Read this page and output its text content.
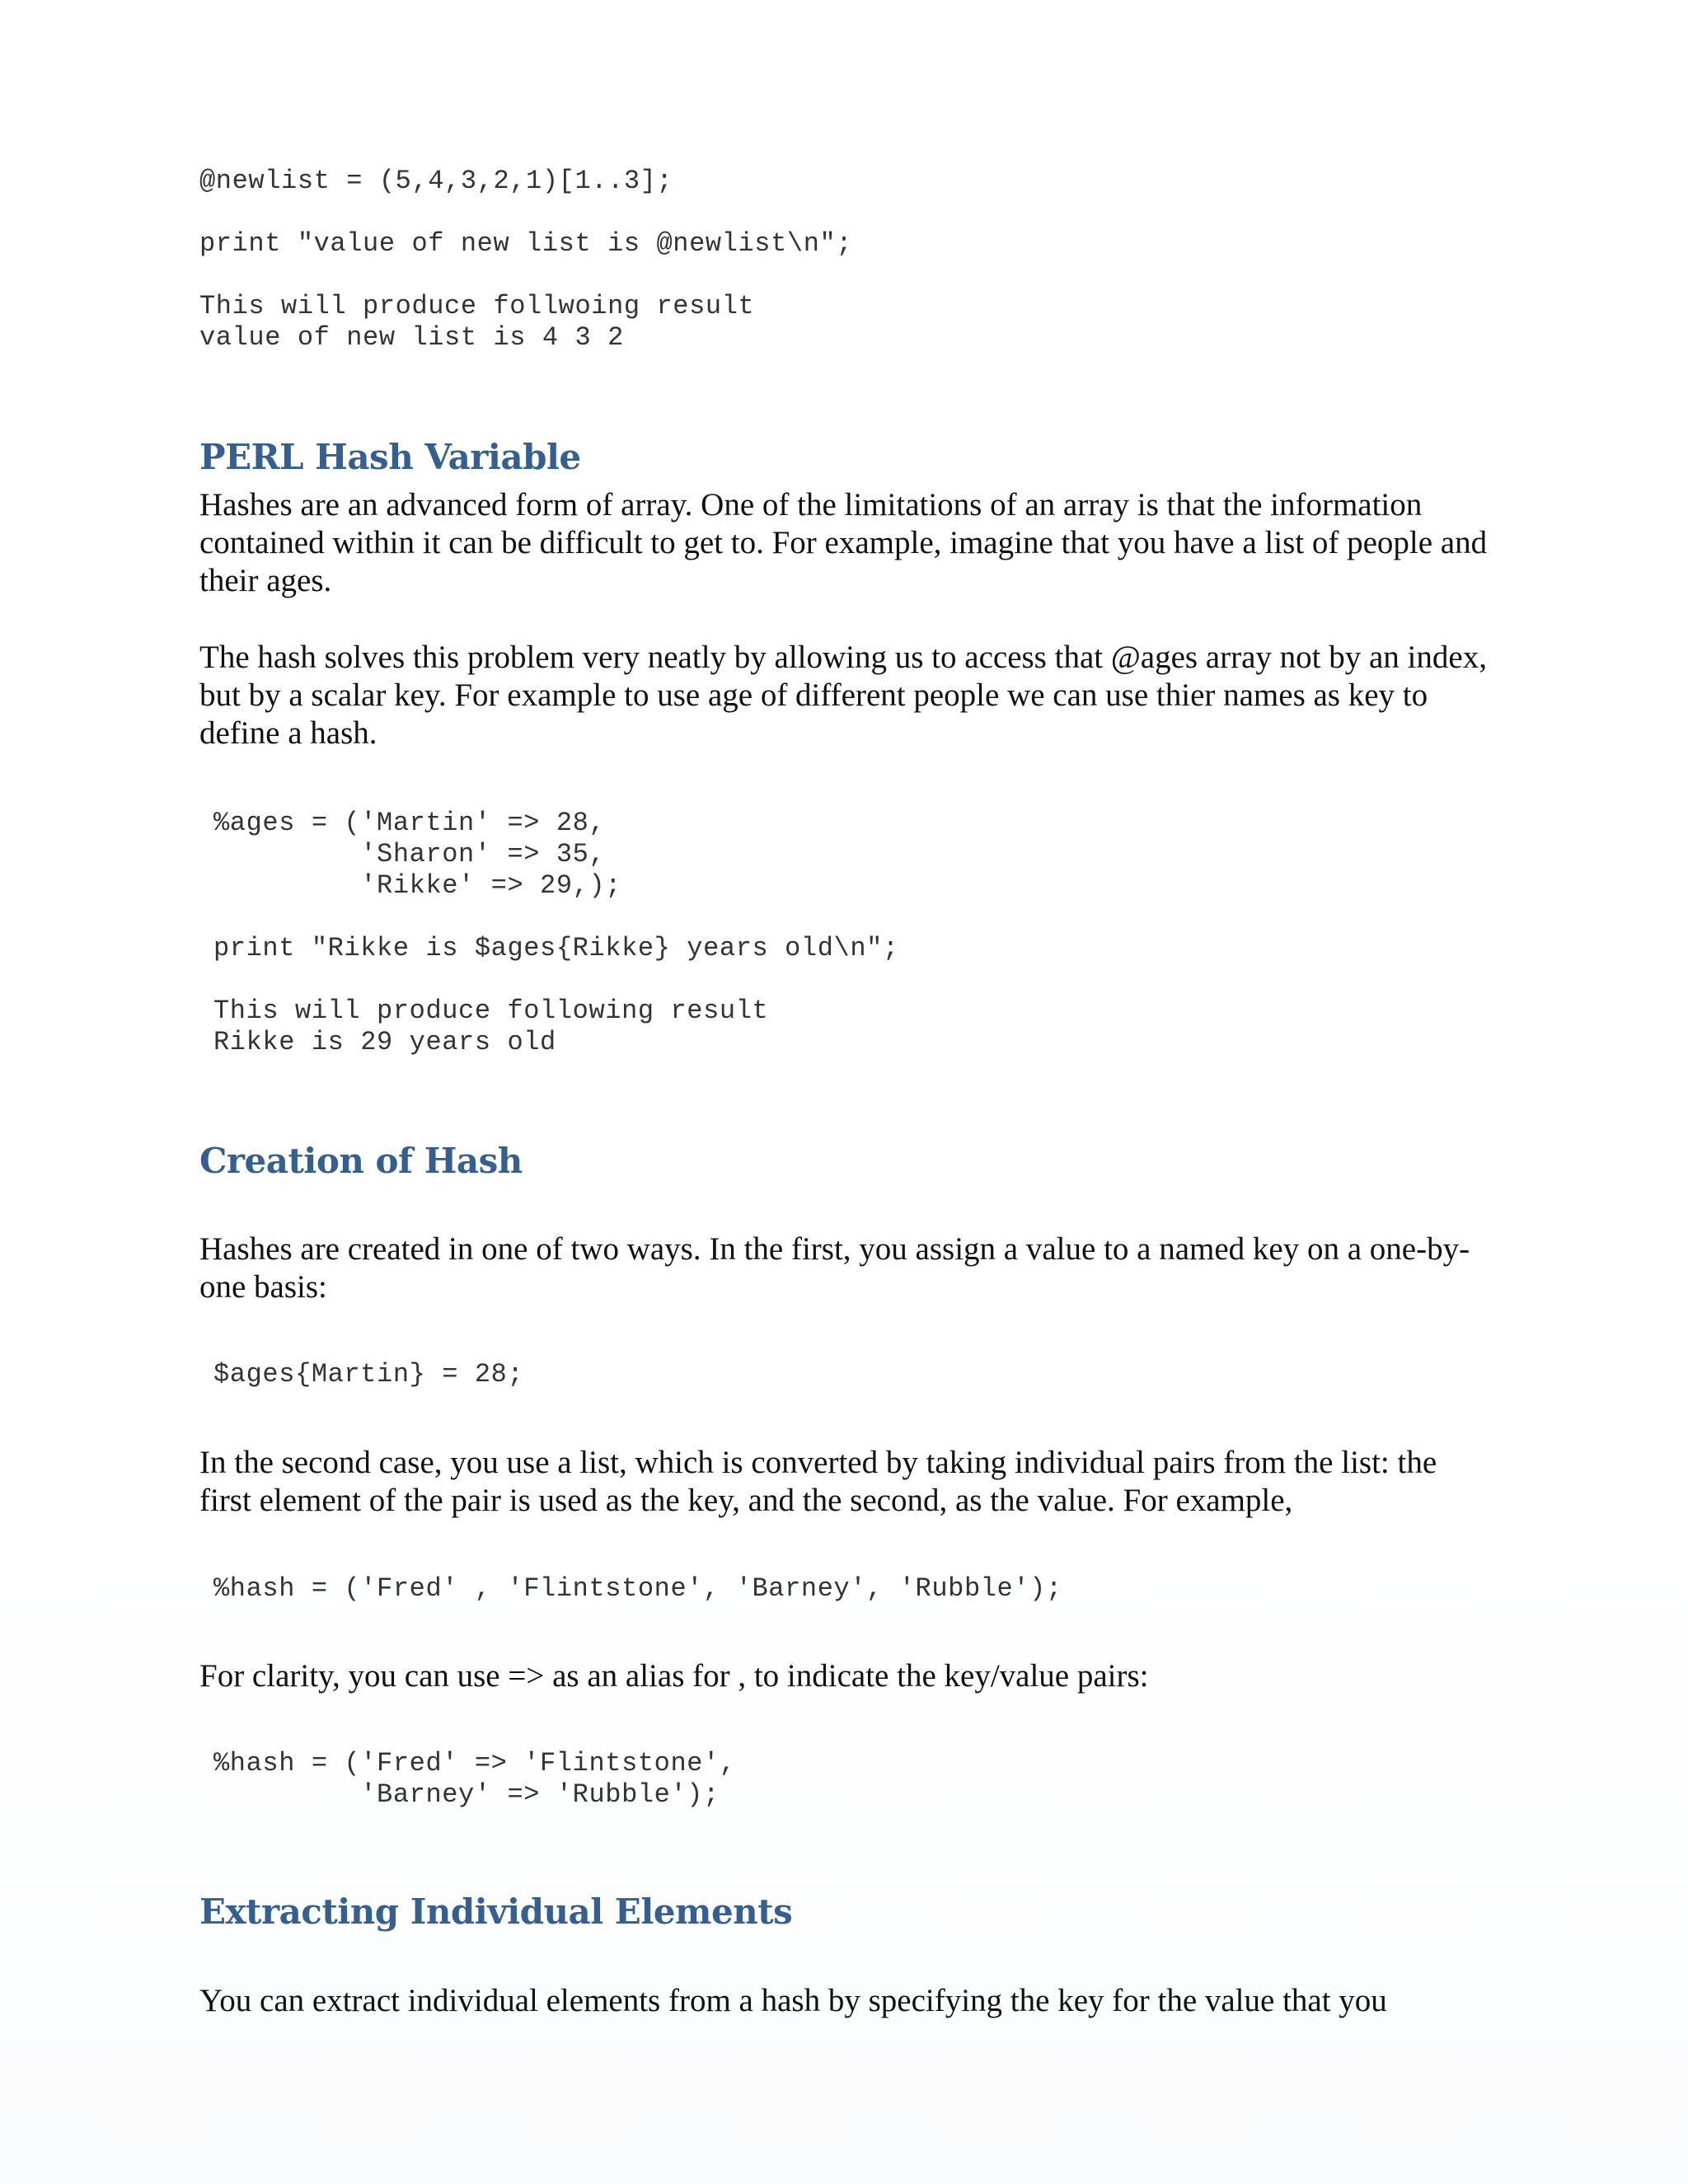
@newlist = (5,4,3,2,1)[1..3];
print "value of new list is @newlist\n";
This will produce follwoing result
value of new list is 4 3 2
PERL Hash Variable

Hashes are an advanced form of array. One of the limitations of an array is that the information contained within it can be difficult to get to. For example, imagine that you have a list of people and their ages.

The hash solves this problem very neatly by allowing us to access that @ages array not by an index, but by a scalar key. For example to use age of different people we can use thier names as key to define a hash.

%ages = ('Martin' => 28,
'Sharon' => 35,
'Rikke' => 29,);
print "Rikke is $ages{Rikke} years old\n";
This will produce following result
Rikke is 29 years old
Creation of Hash

Hashes are created in one of two ways. In the first, you assign a value to a named key on a one-by-one basis:

$ages{Martin} = 28;

In the second case, you use a list, which is converted by taking individual pairs from the list: the first element of the pair is used as the key, and the second, as the value. For example,

%hash = ('Fred' , 'Flintstone', 'Barney', 'Rubble');

For clarity, you can use => as an alias for , to indicate the key/value pairs:

%hash = ('Fred' => 'Flintstone',
'Barney' => 'Rubble');
Extracting Individual Elements

You can extract individual elements from a hash by specifying the key for the value that you
